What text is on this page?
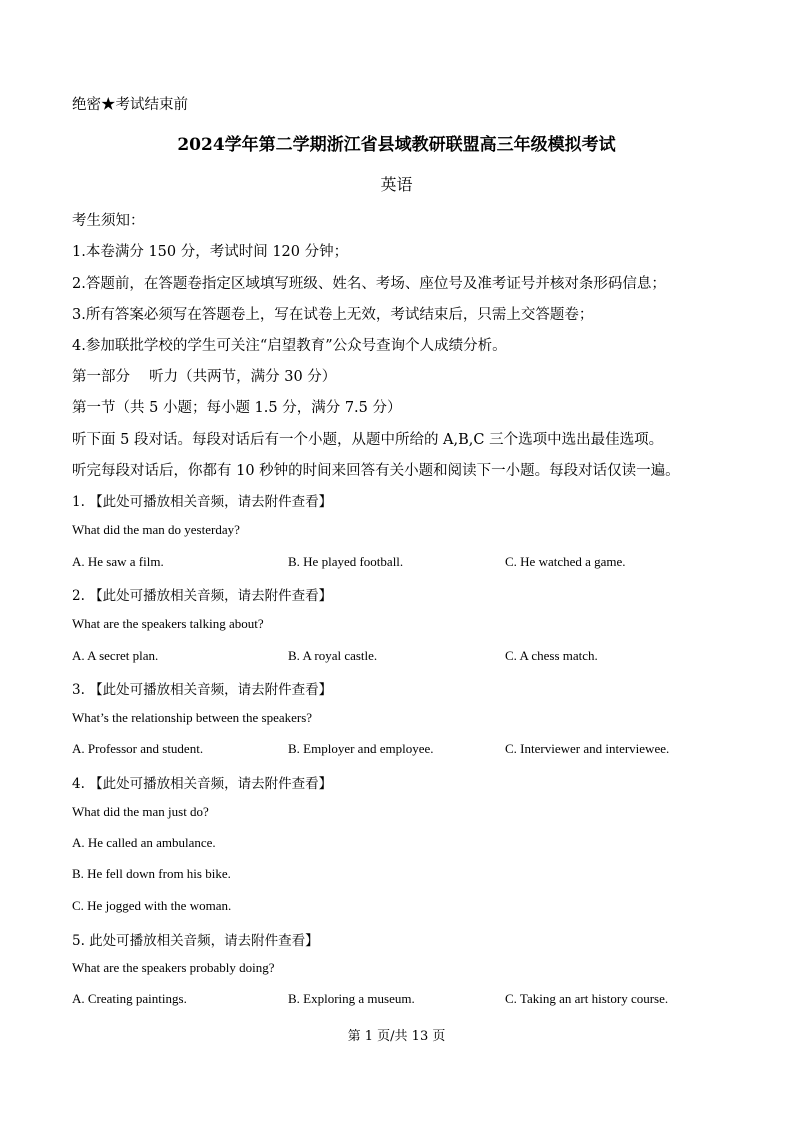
绝密★考试结束前
2024学年第二学期浙江省县域教研联盟高三年级模拟考试
英语
考生须知：
1.本卷满分 150 分，考试时间 120 分钟；
2.答题前，在答题卷指定区域填写班级、姓名、考场、座位号及准考证号并核对条形码信息；
3.所有答案必须写在答题卷上，写在试卷上无效，考试结束后，只需上交答题卷；
4.参加联批学校的学生可关注“启望教育”公众号查询个人成绩分析。
第一部分　 听力（共两节，满分 30 分）
第一节（共 5 小题；每小题 1.5 分，满分 7.5 分）
听下面 5 段对话。每段对话后有一个小题，从题中所给的 A,B,C 三个选项中选出最佳选项。
听完每段对话后，你都有 10 秒钟的时间来回答有关小题和阅读下一小题。每段对话仅读一遍。
1. 【此处可播放相关音频，请去附件查看】
What did the man do yesterday?
A. He saw a film.	B. He played football.	C. He watched a game.
2. 【此处可播放相关音频，请去附件查看】
What are the speakers talking about?
A. A secret plan.	B. A royal castle.	C. A chess match.
3. 【此处可播放相关音频，请去附件查看】
What’s the relationship between the speakers?
A. Professor and student.	B. Employer and employee.	C. Interviewer and interviewee.
4. 【此处可播放相关音频，请去附件查看】
What did the man just do?
A. He called an ambulance.
B. He fell down from his bike.
C. He jogged with the woman.
5. 此处可播放相关音频，请去附件查看】
What are the speakers probably doing?
A. Creating paintings.	B. Exploring a museum.	C. Taking an art history course.
第 1 页/共 13 页
